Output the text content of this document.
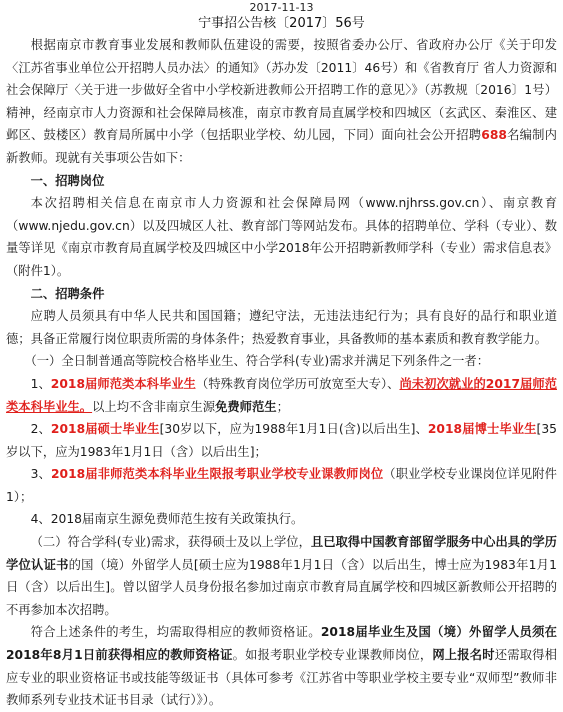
2017-11-13
宁事招公告核〔2017〕56号

根据南京市教育事业发展和教师队伍建设的需要，按照省委办公厅、省政府办公厅《关于印发〈江苏省事业单位公开招聘人员办法〉的通知》（苏办发〔2011〕46号）和《省教育厅 省人力资源和社会保障厅〈关于进一步做好全省中小学校新进教师公开招聘工作的意见〉》（苏教规〔2016〕1号）精神，经南京市人力资源和社会保障局核准，南京市教育局直属学校和四城区（玄武区、秦淮区、建邺区、鼓楼区）教育局所属中小学（包括职业学校、幼儿园，下同）面向社会公开招聘688名编制内新教师。现就有关事项公告如下：

一、招聘岗位

本次招聘相关信息在南京市人力资源和社会保障局网（www.njhrss.gov.cn）、南京教育（www.njedu.gov.cn）以及四城区人社、教育部门等网站发布。具体的招聘单位、学科（专业）、数量等详见《南京市教育局直属学校及四城区中小学2018年公开招聘新教师学科（专业）需求信息表》（附件1）。

二、招聘条件

应聘人员须具有中华人民共和国国籍；遵纪守法，无违法违纪行为；具有良好的品行和职业道德；具备正常履行岗位职责所需的身体条件；热爱教育事业，具备教师的基本素质和教育教学能力。

（一）全日制普通高等院校合格毕业生、符合学科(专业)需求并满足下列条件之一者：

1、2018届师范类本科毕业生（特殊教育岗位学历可放宽至大专）、尚未初次就业的2017届师范类本科毕业生。以上均不含非南京生源免费师范生；

2、2018届硕士毕业生[30岁以下，应为1988年1月1日(含)以后出生]、2018届博士毕业生[35岁以下，应为1983年1月1日（含）以后出生]；

3、2018届非师范类本科毕业生限报考职业学校专业课教师岗位（职业学校专业课岗位详见附件1）；

4、2018届南京生源免费师范生按有关政策执行。

（二）符合学科(专业)需求，获得硕士及以上学位，且已取得中国教育部留学服务中心出具的学历学位认证书的国（境）外留学人员[硕士应为1988年1月1日（含）以后出生，博士应为1983年1月1日（含）以后出生]。曾以留学人员身份报名参加过南京市教育局直属学校和四城区新教师公开招聘的不再参加本次招聘。

符合上述条件的考生，均需取得相应的教师资格证。2018届毕业生及国（境）外留学人员须在2018年8月1日前获得相应的教师资格证。如报考职业学校专业课教师岗位，网上报名时还需取得相应专业的职业资格证书或技能等级证书（具体可参考《江苏省中等职业学校主要专业“双师型”教师非教师系列专业技术证书目录（试行）》）。
